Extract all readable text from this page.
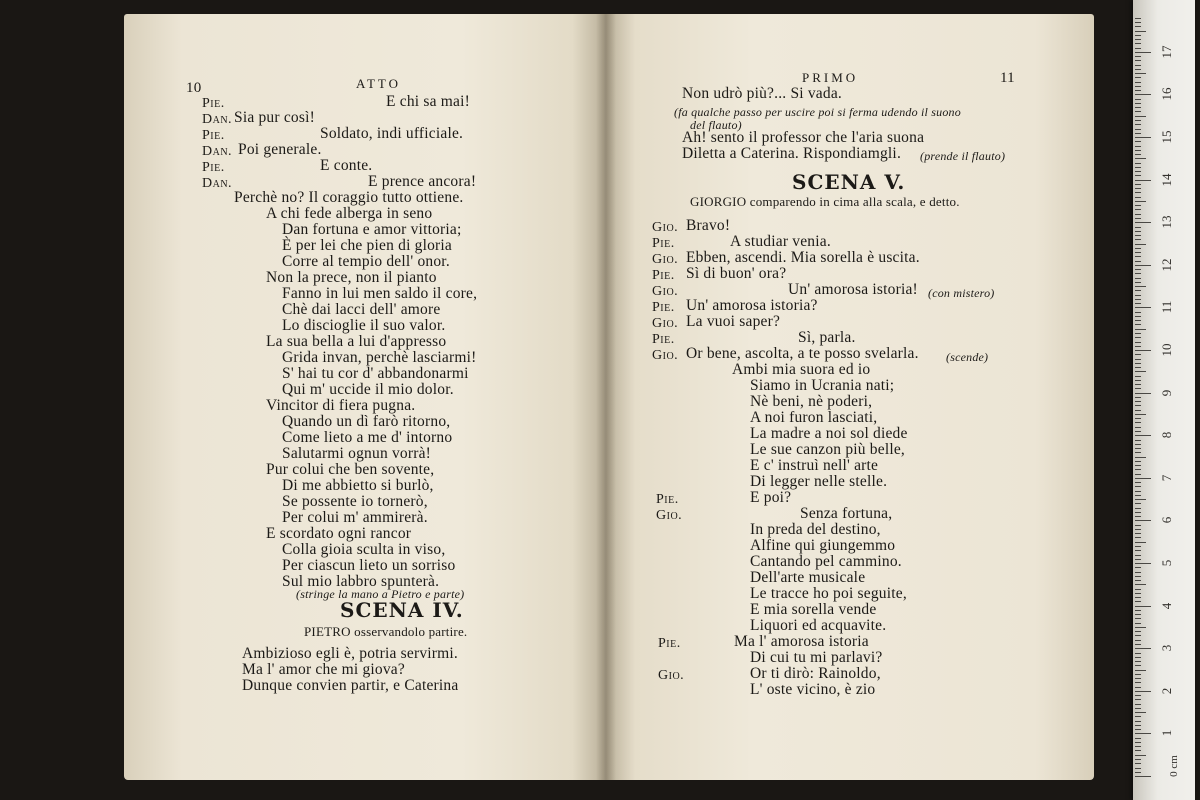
10	ATTO
Pie.	E chi sa mai!
Dan. Sia pur così!
Pie.	Soldato, indi ufficiale.
Dan. Poi generale.
Pie.	E conte.
Dan.	E prence ancora!
Perchè no? Il coraggio tutto ottiene.
A chi fede alberga in seno
Dan fortuna e amor vittoria;
È per lei che pien di gloria
Corre al tempio dell' onor.
Non la prece, non il pianto
Fanno in lui men saldo il core,
Chè dai lacci dell' amore
Lo discioglie il suo valor.
La sua bella a lui d'appresso
Grida invan, perchè lasciarmi!
S' hai tu cor d' abbandonarmi
Qui m' uccide il mio dolor.
Vincitor di fiera pugna.
Quando un dì farò ritorno,
Come lieto a me d' intorno
Salutarmi ognun vorrà!
Pur colui che ben sovente,
Di me abbietto si burlò,
Se possente io tornerò,
Per colui m' ammirerà.
E scordato ogni rancor
Colla gioia sculta in viso,
Per ciascun lieto un sorriso
Sul mio labbro spunterà.
(stringe la mano a Pietro e parte)
SCENA IV.
PIETRO osservandolo partire.
Ambizioso egli è, potria servirmi.
Ma l' amor che mi giova?
Dunque convien partir, e Caterina
PRIMO	11
Non udrò più?... Si vada.
(fa qualche passo per uscire poi si ferma udendo il suono
del flauto)
Ah! sento il professor che l'aria suona
Diletta a Caterina. Rispondiamgli. (prende il flauto)
SCENA V.
GIORGIO comparendo in cima alla scala, e detto.
Gio. Bravo!
Pie.	A studiar venia.
Gio. Ebben, ascendi. Mia sorella è uscita.
Pie. Sì di buon' ora?
Gio.	Un' amorosa istoria! (con mistero)
Pie. Un' amorosa istoria?
Gio. La vuoi saper?
Pie.	Sì, parla.
Gio. Or bene, ascolta, a te posso svelarla. (scende)
Ambi mia suora ed io
Siamo in Ucrania nati;
Nè beni, nè poderi,
A noi furon lasciati,
La madre a noi sol diede
Le sue canzon più belle,
E c' instruì nell' arte
Di legger nelle stelle.
Pie.	E poi?
Gio.	Senza fortuna,
In preda del destino,
Alfine qui giungemmo
Cantando pel cammino.
Dell'arte musicale
Le tracce ho poi seguite,
E mia sorella vende
Liquori ed acquavite.
Pie.	Ma l' amorosa istoria
Di cui tu mi parlavi?
Gio.	Or ti dirò: Rainoldo,
L' oste vicino, è zio
0 cm
1
2
3
4
5
6
7
8
9
10
11
12
13
14
15
16
17
